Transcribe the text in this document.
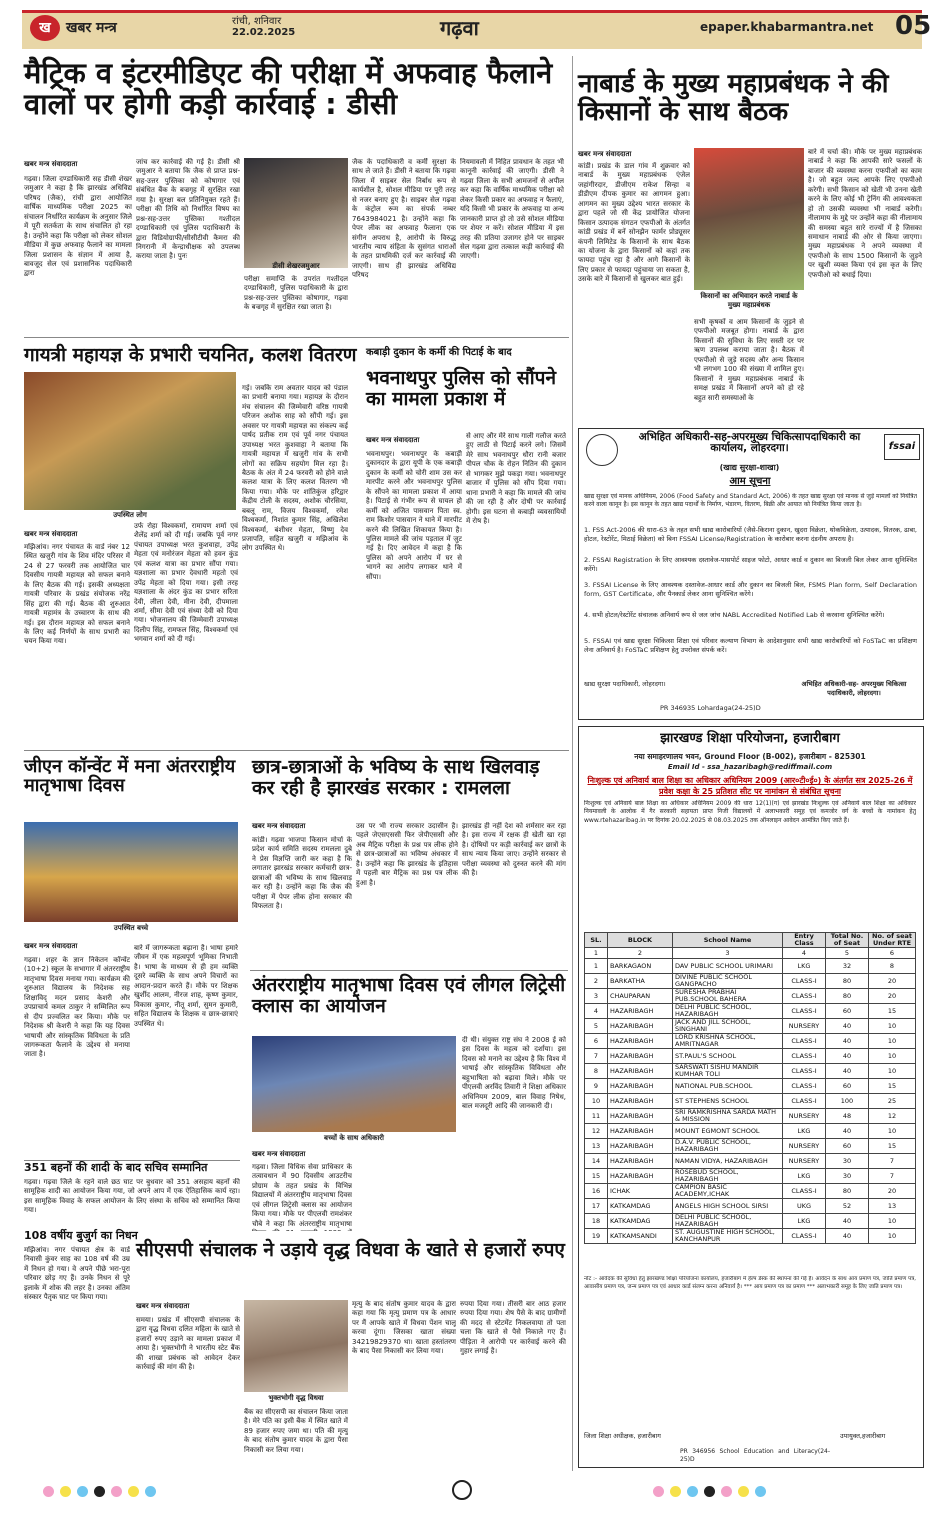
ख	खबर मन्त्र	रांची, शनिवार
22.02.2025	गढ़वा	epaper.khabarmantra.net 05
मैट्रिक व इंटरमीडिएट की परीक्षा में अफवाह फैलाने वालों पर होगी कड़ी कार्रवाई : डीसी
खबर मन्त्र संवाददाता
गढ़वा। जिला दण्डाधिकारी सह डीसी शेखर जमुआर ने कहा है कि झारखंड अधिविद्य परिषद (जैक), रांची द्वारा आयोजित वार्षिक माध्यमिक परीक्षा 2025 का संचालन निर्धारित कार्यक्रम के अनुसार जिले में पूरी सतर्कता के साथ संचालित हो रहा है। उन्होंने कहा कि परीक्षा को लेकर सोशल मीडिया में कुछ अफवाह फैलाने का मामला जिला प्रशासन के संज्ञान में आया है, बावजूद सेल एवं प्रशासनिक पदाधिकारी द्वारा
जांच कर कार्रवाई की गई है। डीसी श्री जमुआर ने बताया कि जैक से प्राप्त प्रश्न-सह-उत्तर पुस्तिका को कोषागार एवं संबंधित बैंक के बज्रगृह में सुरक्षित रखा गया है। सुरक्षा बल प्रतिनियुक्त रहते हैं। परीक्षा की तिथि को निर्धारित विषय का प्रश्न-सह-उत्तर पुस्तिका गश्तीदल दण्डाधिकारी एवं पुलिस पदाधिकारी के द्वारा विडियोग्राफी/सीसीटीवी कैमरा की निगरानी में केन्द्राधीक्षक को उपलब्ध कराया जाता है। पुनः
डीसी शेखरजमुआर
परीक्षा समाप्ति के उपरांत गश्तीदल दण्डाधिकारी, पुलिस पदाधिकारी के द्वारा प्रश्न-सह-उत्तर पुस्तिका कोषागार, गढ़वा के बज्रगृह में सुरक्षित रखा जाता है।
जैक के पदाधिकारी व कर्मी सुरक्षा के साथ ले जाते हैं। डीसी ने बताया कि गढ़वा जिला में साइबर सेल निर्बाध रूप से कार्यशील है, सोशल मीडिया पर पूरी तरह से नजर बनाए हुए है। साइबर सेल गढ़वा के कंट्रोल रूम का संपर्क नम्बर 7643984021 है। उन्होंने कहा कि पेपर लीक का अफवाह फैलाना एक संगीन अपराध है, आरोपी के विरुद्ध भारतीय न्याय संहिता के सुसंगत धाराओं के तहत प्राथमिकी दर्ज कर कार्रवाई की जाएगी। साथ ही झारखंड अधिविद्य परिषद
नियमावली में निहित प्रावधान के तहत भी कानूनी कार्रवाई की जाएगी। डीसी ने गढ़वा जिला के सभी आमजनों से अपील कर कहा कि वार्षिक माध्यमिक परीक्षा को लेकर किसी प्रकार का अफवाह न फैलाएं, यदि किसी भी प्रकार के अफवाह या अन्य जानकारी प्राप्त हो तो उसे सोशल मीडिया पर शेयर न करें। सोशल मीडिया में इस तरह की प्रतिया उजागर होने पर साइबर सेल गढ़वा द्वारा तत्काल कड़ी कार्रवाई की जाएगी।
नाबार्ड के मुख्य महाप्रबंधक ने की किसानों के साथ बैठक
खबर मन्त्र संवाददाता
कांडी। प्रखंड के डाल गांव में शुक्रवार को नाबार्ड के मुख्य महाप्रबंधक एंजेल जहांगीरदार, डीजीएम राकेश सिन्हा व डीडीएम दीपक कुमार का आगमन हुआ। आगमन का मुख्य उद्देश्य भारत सरकार के द्वारा पहले जो सी केंद्र प्रायोजित योजना किसान उत्पादक संगठन एफपीओ के अंतर्गत कांडी प्रखंड में बनें सोनझैन फार्मर प्रोड्यूसर कंपनी लिमिटेड के किसानों के साथ बैठक का योजना के द्वारा किसानों को कहां तक फायदा पहुंच रहा है और आगे किसानों के लिए प्रकार से फायदा पहुंचाया जा सकता है, उसके बारे में किसानों से खुलकर बात हुई।
किसानों का अभिवादन करते नाबार्ड के मुख्य महाप्रबंधक
सभी कृषकों व आम किसानों के जुड़ने से एफपीओ मजबूत होगा। नाबार्ड के द्वारा किसानों की सुविधा के लिए सस्ती दर पर ऋण उपलब्ध कराया जाता है। बैठक में एफपीओ से जुड़े सदस्य और अन्य किसान भी लगभग 100 की संख्या में शामिल हुए। किसानों ने मुख्य महाप्रबंधक नाबार्ड के समक्ष प्रखंड में किसानों अपने को हो रहे बहुत सारी समस्याओं के
बारे में चर्चा की। मौके पर मुख्य महाप्रबंधक नाबार्ड ने कहा कि आपकी सारे फसलों के बाजार की व्यवस्था करना एफपीओ का काम है। जो बहुत जल्द आपके लिए एफपीओ करेगी। सभी किसान को खेती भी उनना खेती करने के लिए कोई भी ट्रेनिंग की आवश्यकता हो तो उसकी व्यवस्था भी नाबार्ड करेगी। नीलामाय के मुद्दे पर उन्होंने कहा की नीलामाय की समस्या बहुत सारे राज्यों में है जिसका समाधान नाबार्ड की ओर से किया जाएगा। मुख्य महाप्रबंधक ने अपने व्यवस्था में एफपीओ के साथ 1500 किसानों के जुड़ने पर खुशी व्यक्त किया एवं इस कृत के लिए एफपीओ को बधाई दिया।
गायत्री महायज्ञ के प्रभारी चयनित, कलश वितरण
उपस्थित लोग
खबर मन्त्र संवाददाता
मझिआंव। नगर पंचायत के वार्ड नंबर 12 स्थित खजुरी गांव के शिव मंदिर परिसर में 24 से 27 फरवरी तक आयोजित चार दिवसीय गायत्री महायज्ञ को सफल बनाने के लिए बैठक की गई। इसकी अध्यक्षता गायत्री परिवार के प्रखंड संयोजक नरेंद्र सिंह द्वारा की गई। बैठक की शुरुआत गायत्री महामंत्र के उच्चारण के साथ की गई। इस दौरान महायज्ञ को सफल बनाने के लिए कई निर्णयों के साथ प्रभारी का चयन किया गया।
उर्फ रोहा विश्वकर्मा, रामायण शर्मा एवं शैलेंद्र शर्मा को दी गई। जबकि पूर्व नगर पंचायत उपाध्यक्ष भरत कुशवाहा, उपेंद्र मेहता एवं मनोरंजन मेहता को हवन कुंड एवं कलश यात्रा का प्रभार सौंपा गया। यज्ञशाला का प्रभार देवधारी महतो एवं उपेंद्र मेहता को दिया गया। इसी तरह यज्ञशाला के अंदर कुंड का प्रभार सरिता देवी, लीला देवी, मीना देवी, दीपमाला शर्मा, सीमा देवी एवं संध्या देवी को दिया गया। भोजनालय की जिम्मेवारी उपाध्यक्ष दिलीप सिंह, रामफल सिंह, विश्वकर्मा एवं भगवान शर्मा को दी गई।
गई। जबकि राम अवतार यादव को पंडाल का प्रभारी बनाया गया। महायज्ञ के दौरान मंच संचालन की जिम्मेवारी वरिष्ठ गायत्री परिजन अशोक साह को सौंपी गई। इस अवसर पर गायत्री महायज्ञ का संकल्प कई पार्षद प्रतीक राम एवं पूर्व नगर पंचायत उपाध्यक्ष भरत कुशवाहा ने बताया कि गायत्री महायज्ञ में खजुरी गांव के सभी लोगों का सक्रिय सहयोग मिल रहा है। बैठक के अंत में 24 फरवरी को होने वाले कलश यात्रा के लिए कलश वितरण भी किया गया। मौके पर शांतिकुंज हरिद्वार केंद्रीय टोली के सदस्य, अशोक चौरसिया, बबलू राम, विजय विश्वकर्मा, रमेश विश्वकर्मा, निशांत कुमार सिंह, अखिलेश विश्वकर्मा, बंशीधर मेहता, विष्णु देव प्रजापति, सहित खजुरी व मझिआंव के लोग उपस्थित थे।
कबाड़ी दुकान के कर्मी की पिटाई के बाद
भवनाथपुर पुलिस को सौंपने का मामला प्रकाश में
खबर मन्त्र संवाददाता
भवनाथपुर। भवनाथपुर के कबाड़ी दुकानदार के द्वारा यूपी के एक कबाड़ी दुकान के कर्मी को चोरी शाम उस कर मारपीट करने और भवनाथपुर पुलिस के सौंपने का मामला प्रकाश में आया है। पिटाई से गंभीर रूप से घायल हो कर्मी को अजित पासवान पिता स्व. राम किशोर पासवान ने थाने में मारपीट करने की लिखित शिकायत किया है। पुलिस मामले की जांच पड़ताल में जुट गई है। दिए आवेदन में कहा है कि पुलिस को अपने आरोप में घर से भागने का आरोप लगाकर थाने में सौंपा।
से आए और मेरे साथ गाली गलौज करते हुए लाठी से पिटाई करने लगे। जिसमें मेरे साथ भवनाथपुर धौरा रानी बजार पीपल चौक के रोहन नितिन की दुकान से भागकर मुझे पकड़ा गया। भवनाथपुर बाजार में पुलिस को सौंप दिया गया। थाना प्रभारी ने कहा कि मामले की जांच की जा रही है और दोषी पर कार्रवाई होगी। इस घटना से कबाड़ी व्यवसायियों में रोष है।
जीएन कॉन्वेंट में मना अंतरराष्ट्रीय मातृभाषा दिवस
उपस्थित बच्चे
खबर मन्त्र संवाददाता
गढ़वा। शहर के ज्ञान निकेतन कॉन्वेंट (10+2) स्कूल के सभागार में अंतरराष्ट्रीय मातृभाषा दिवस मनाया गया। कार्यक्रम की शुरुआत विद्यालय के निदेशक सह शिक्षाविद् मदन प्रसाद केशरी और उपप्राचार्य कमल ठाकुर ने सम्मिलित रूप से दीप प्रज्वलित कर किया। मौके पर निदेशक श्री केशरी ने कहा कि यह दिवस भाषायी और सांस्कृतिक विविधता के प्रति जागरूकता फैलाने के उद्देश्य से मनाया जाता है।
बारे में जागरूकता बढ़ाना है। भाषा हमारे जीवन में एक महत्वपूर्ण भूमिका निभाती है। भाषा के माध्यम से ही हम व्यक्ति दूसरे व्यक्ति के साथ अपने विचारों का आदान-प्रदान करते हैं। मौके पर शिक्षक खुर्शीद आलम, नीरज शाह, कृष्ण कुमार, विकास कुमार, नीतू शर्मा, सुमन कुमारी, सहित विद्यालय के शिक्षक व छात्र-छात्राएं उपस्थित थे।
छात्र-छात्राओं के भविष्य के साथ खिलवाड़ कर रही है झारखंड सरकार : रामलला
खबर मन्त्र संवाददाता
कांडी। गढ़वा भाजपा किसान मोर्चा के प्रदेश कार्य समिति सदस्य रामलला दुबे ने प्रेस विज्ञप्ति जारी कर कहा है कि लगातार झारखंड सरकार कर्मचारी छात्र-छात्राओं की भविष्य के साथ खिलवाड़ कर रही है। उन्होंने कहा कि जैक की परीक्षा में पेपर लीक होना सरकार की विफलता है।
उस पर भी राज्य सरकार उदासीन है। पहले जेएसएससी फिर जेपीएससी और अब मैट्रिक परीक्षा के प्रश्न पत्र लीक होने से छात्र-छात्राओं का भविष्य अंधकार में है। उन्होंने कहा कि झारखंड के इतिहास में पहली बार मैट्रिक का प्रश्न पत्र लीक हुआ है।
झारखंड ही नहीं देश को शर्मसार कर रहा है। इस राज्य में रक्षक ही खेती खा रहा है। दोषियों पर कड़ी कार्रवाई कर छात्रों के साथ न्याय किया जाए। उन्होंने सरकार से परीक्षा व्यवस्था को दुरुस्त करने की मांग की है।
अंतरराष्ट्रीय मातृभाषा दिवस एवं लीगल लिट्रेसी क्लास का आयोजन
बच्चों के साथ अधिकारी
खबर मन्त्र संवाददाता
गढ़वा। जिला विधिक सेवा प्राधिकार के तत्वावधान में 90 दिवसीय आउटरीच प्रोग्राम के तहत प्रखंड के विभिन्न विद्यालयों में अंतरराष्ट्रीय मातृभाषा दिवस एवं लीगल लिट्रेसी क्लास का आयोजन किया गया। मौके पर पीएलवी रामशंकर चौबे ने कहा कि अंतरराष्ट्रीय मातृभाषा
दी थी। संयुक्त राष्ट्र संघ ने 2008 ई को इस दिवस के महत्व को दर्शाया। इस दिवस को मनाने का उद्देश्य है कि विश्व में भाषाई और सांस्कृतिक विविधता और बहुभाषिता को बढ़ावा मिले। मौके पर पीएलवी अरविंद तिवारी ने शिक्षा अधिकार अधिनियम 2009, बाल विवाह निषेध, बाल मजदूरी आदि की जानकारी दी।
351 बहनों की शादी के बाद सचिव सम्मानित
गढ़वा। गढ़वा जिले के रहने वाले छठ घाट पर बुधवार को 351 असहाय बहनों की सामूहिक शादी का आयोजन किया गया, जो अपने आप में एक ऐतिहासिक कार्य रहा। इस सामूहिक विवाह के सफल आयोजन के लिए संस्था के सचिव को सम्मानित किया गया।
108 वर्षीय बुजुर्ग का निधन
मझिआंव। नगर पंचायत क्षेत्र के वार्ड निवासी कुंवर साह का 108 वर्ष की उम्र में निधन हो गया। वे अपने पीछे भरा-पूरा परिवार छोड़ गए हैं। उनके निधन से पूरे इलाके में शोक की लहर है। उनका अंतिम संस्कार पैतृक घाट पर किया गया।
सीएसपी संचालक ने उड़ाये वृद्ध विधवा के खाते से हजारों रुपए
खबर मन्त्र संवाददाता
समया। प्रखंड में सीएसपी संचालक के द्वारा वृद्ध विधवा दलित महिला के खाते से हजारों रुपए उड़ाने का मामला प्रकाश में आया है। भुक्तभोगी ने भारतीय स्टेट बैंक की शाखा प्रबंधक को आवेदन देकर कार्रवाई की मांग की है।
भुक्तभोगी वृद्ध विधवा
बैंक का सीएसपी का संचालन किया जाता है। मेरे पति का इसी बैंक में स्थित खाते में 89 हजार रुपए जमा था। पति की मृत्यु के बाद संतोष कुमार यादव के द्वारा पैसा निकासी कर लिया गया।
मृत्यु के बाद संतोष कुमार यादव के द्वारा कहा गया कि मृत्यु प्रमाण पत्र के आधार पर मैं आपके खाते में विधवा पेंशन चालू करवा दूंगा। जिसका खाता संख्या 34219829370 था। खाता हस्तांतरण के बाद पैसा निकासी कर लिया गया।
रुपया दिया गया। तीसरी बार आठ हजार रुपया दिया गया। शेष पैसे के बाद ग्रामीणों की मदद से स्टेटमेंट निकलवाया तो पता चला कि खाते से पैसे निकाले गए हैं। पीड़िता ने आरोपी पर कार्रवाई करने की गुहार लगाई है।
अभिहित अधिकारी-सह-अपरमुख्य चिकित्सापदाधिकारी का कार्यालय, लोहरदगा।	fssai
(खाद्य सुरक्षा-शाखा)
आम सूचना
खाद्य सुरक्षा एवं मानक अधिनियम, 2006 (Food Safety and Standard Act, 2006) के तहत खाद्य सुरक्षा एवं मानक से जुड़े मामलों को नियंत्रित करने वाला कानून है। इस कानून के तहत खाद्य पदार्थों के निर्माण, भंडारण, वितरण, बिक्री और आयात को नियंत्रित किया जाता है।
1. FSS Act-2006 की धारा-63 के तहत सभी खाद्य कारोबारियों (जैसे-किराना दुकान, खुदरा विक्रेता, थोकविक्रेता, उत्पादक, वितरक, ढाबा, होटल, रेस्टोरेंट, मिठाई विक्रेता) को बिना FSSAI License/Registration के कारोबार करना दंडनीय अपराध है।
2. FSSAI Registration के लिए आवश्यक दस्तावेज-पासपोर्ट साइज फोटो, आधार कार्ड व दुकान का बिजली बिल लेकर आना सुनिश्चित करेंगे।
3. FSSAI License के लिए आवश्यक दस्तावेज-आधार कार्ड और दुकान का बिजली बिल, FSMS Plan form, Self Declaration form, GST Certificate, और पैनकार्ड लेकर आना सुनिश्चित करेंगे।
4. सभी होटल/रेस्टोरेंट संचालक अनिवार्य रूप से जल जांच NABL Accredited Notified Lab से करवाना सुनिश्चित करेंगे।
5. FSSAI एवं खाद्य सुरक्षा चिकित्सा शिक्षा एवं परिवार कल्याण विभाग के आदेशानुसार सभी खाद्य कारोबारियों को FoSTaC का प्रशिक्षण लेना अनिवार्य है। FoSTaC प्रशिक्षण हेतु उपरोक्त संपर्क करें।
खाद्य सुरक्षा पदाधिकारी, लोहरदगा।
PR 346935 Lohardaga(24-25)D
अभिहित अधिकारी-सह- अपरमुख्य चिकित्सा पदाधिकारी, लोहरदगा।
झारखण्ड शिक्षा परियोजना, हजारीबाग
नया समाहरणालय भवन, Ground Floor (B-002), हजारीबाग - 825301
Email Id - ssa_hazaribagh@rediffmail.com
निःशुल्क एवं अनिवार्य बाल शिक्षा का अधिकार अधिनियम 2009 (आर०टी०ई०) के अंतर्गत सत्र 2025-26 में प्रवेश कक्षा के 25 प्रतिशत सीट पर नामांकन से संबंधित सूचना
निःशुल्क एवं अनिवार्य बाल शिक्षा का अधिकार अधिनियम 2009 की धारा 12(1)(ग) एवं झारखंड निःशुल्क एवं अनिवार्य बाल शिक्षा का अधिकार नियमावली के आलोक में गैर सरकारी सहायता प्राप्त निजी विद्यालयों में अलाभकारी समूह एवं कमजोर वर्ग के बच्चों के नामांकन हेतु www.rtehazaribag.in पर दिनांक 20.02.2025 से 08.03.2025 तक ऑनलाइन आवेदन आमंत्रित किए जाते हैं।
SL.	BLOCK	School Name	Entry Class	Total No. of Seat	No. of seat Under RTE
1	2	3	4	5	6
1	BARKAGAON	DAV PUBLIC SCHOOL URIMARI	LKG	32	8
2	BARKATHA	DIVINE PUBLIC SCHOOL GANGPACHO	CLASS-I	80	20
3	CHAUPARAN	SURESHA PRABHAI PUB.SCHOOL BAHERA	CLASS-I	80	20
4	HAZARIBAGH	DELHI PUBLIC SCHOOL, HAZARIBAGH	CLASS-I	60	15
5	HAZARIBAGH	JACK AND JILL SCHOOL, SINGHANI	NURSERY	40	10
6	HAZARIBAGH	LORD KRISHNA SCHOOL, AMRITNAGAR	CLASS-I	40	10
7	HAZARIBAGH	ST.PAUL'S SCHOOL	CLASS-I	40	10
8	HAZARIBAGH	SARSWATI SISHU MANDIR KUMHAR TOLI	CLASS-I	40	10
9	HAZARIBAGH	NATIONAL PUB.SCHOOL	CLASS-I	60	15
10	HAZARIBAGH	ST STEPHENS SCHOOL	CLASS-I	100	25
11	HAZARIBAGH	SRI RAMKRISHNA SARDA MATH & MISSION	NURSERY	48	12
12	HAZARIBAGH	MOUNT EGMONT SCHOOL	LKG	40	10
13	HAZARIBAGH	D.A.V. PUBLIC SCHOOL, HAZARIBAGH	NURSERY	60	15
14	HAZARIBAGH	NAMAN VIDYA, HAZARIBAGH	NURSERY	30	7
15	HAZARIBAGH	ROSEBUD SCHOOL, HAZARIBAGH	LKG	30	7
16	ICHAK	CAMPION BASIC ACADEMY,ICHAK	CLASS-I	80	20
17	KATKAMDAG	ANGELS HIGH SCHOOL SIRSI	UKG	52	13
18	KATKAMDAG	DELHI PUBLIC SCHOOL, HAZARIBAGH	LKG	40	10
19	KATKAMSANDI	ST. AUGUSTINE HIGH SCHOOL, KANCHANPUR	CLASS-I	40	10
नोट :- आवेदक की सुविधा हेतु झारखण्ड शिक्षा परियोजना कार्यालय, हजारीबाग में हेल्प डेस्क की स्थापना की गई है। आवेदन के साथ आय प्रमाण पत्र, जाति प्रमाण पत्र, आवासीय प्रमाण पत्र, जन्म प्रमाण पत्र एवं आधार कार्ड संलग्न करना अनिवार्य है। *** आय प्रमाण पत्र का प्रमाण *** अलाभकारी समूह के लिए जाति प्रमाण पत्र।
जिला शिक्षा अधीक्षक, हजारीबाग
PR 346956 School Education and Literacy(24-25)D
उपायुक्त,हजारीबाग
